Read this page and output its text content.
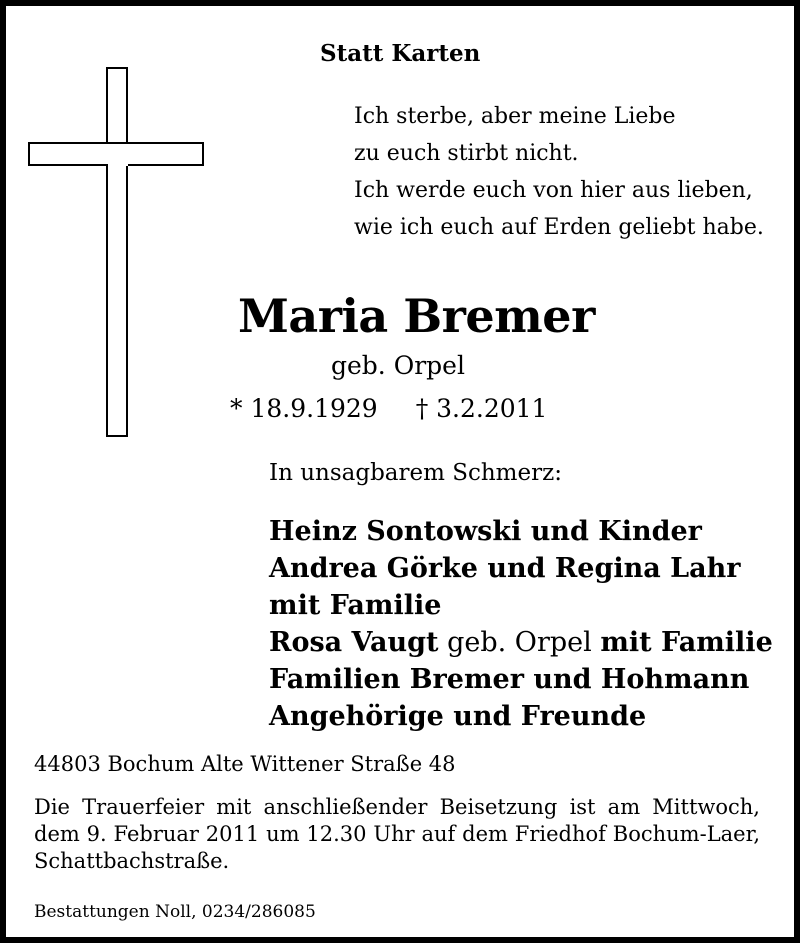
Statt Karten
Ich sterbe, aber meine Liebe
zu euch stirbt nicht.
Ich werde euch von hier aus lieben,
wie ich euch auf Erden geliebt habe.
Maria Bremer
geb. Orpel
* 18.9.1929 † 3.2.2011
In unsagbarem Schmerz:
Heinz Sontowski und Kinder
Andrea Görke und Regina Lahr
mit Familie
Rosa Vaugt geb. Orpel mit Familie
Familien Bremer und Hohmann
Angehörige und Freunde
44803 Bochum Alte Wittener Straße 48
Die Trauerfeier mit anschließender Beisetzung ist am Mittwoch, dem 9. Februar 2011 um 12.30 Uhr auf dem Friedhof Bochum-Laer, Schattbachstraße.
Bestattungen Noll, 0234/286085
